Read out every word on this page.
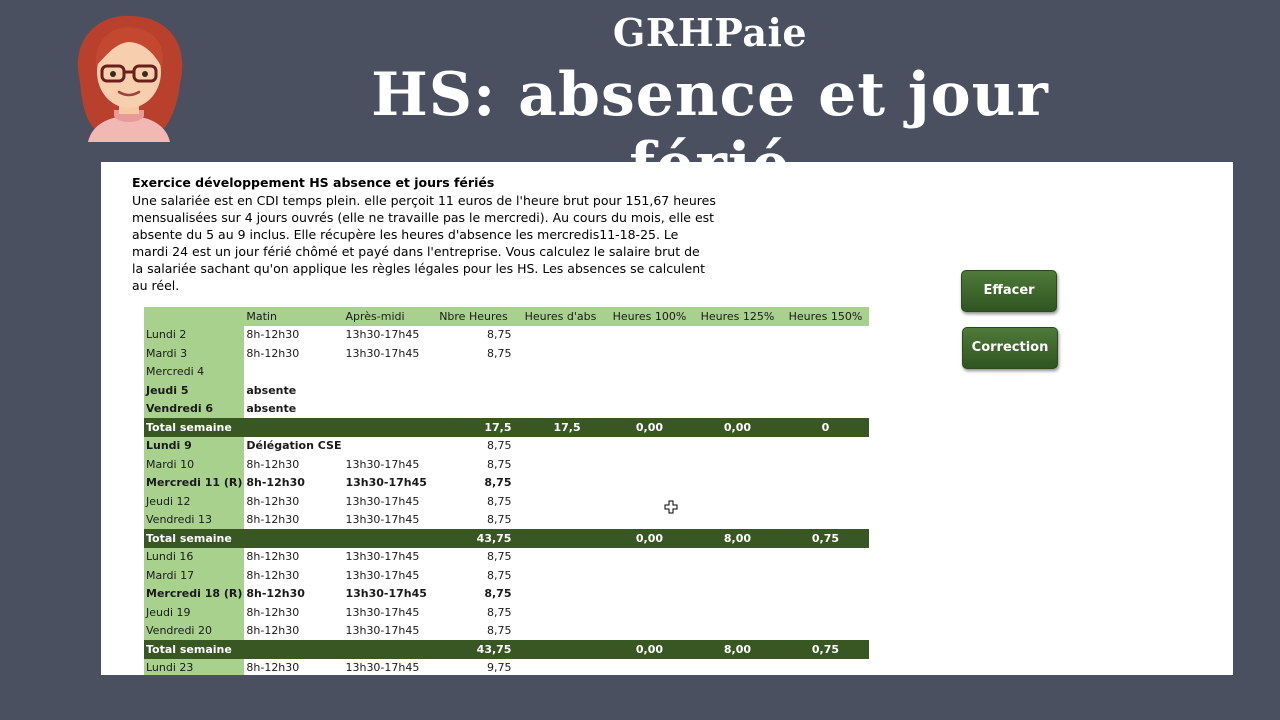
GRHPaie
HS: absence et jour
Exercice développement HS absence et jours fériés
Une salariée est en CDI temps plein. elle perçoit 11 euros de l'heure brut pour 151,67 heures
mensualisées sur 4 jours ouvrés (elle ne travaille pas le mercredi). Au cours du mois, elle est
absente du 5 au 9 inclus. Elle récupère les heures d'absence les mercredis11-18-25. Le
mardi 24 est un jour férié chômé et payé dans l'entreprise. Vous calculez le salaire brut de
la salariée sachant qu'on applique les règles légales pour les HS. Les absences se calculent
au réel.	Effacer
Correction
	Matin	Après-midi	Nbre Heures	Heures d'abs	Heures 100%	Heures 125%	Heures 150%
Lundi 2	8h-12h30	13h30-17h45	8,75				
Mardi 3	8h-12h30	13h30-17h45	8,75				
Mercredi 4							
Jeudi 5	absente						
Vendredi 6	absente						
Total semaine			17,5	17,5	0,00	0,00	0
Lundi 9	Délégation CSE		8,75				
Mardi 10	8h-12h30	13h30-17h45	8,75				
Mercredi 11 (R)	8h-12h30	13h30-17h45	8,75				
Jeudi 12	8h-12h30	13h30-17h45	8,75				
Vendredi 13	8h-12h30	13h30-17h45	8,75				
Total semaine			43,75		0,00	8,00	0,75
Lundi 16	8h-12h30	13h30-17h45	8,75				
Mardi 17	8h-12h30	13h30-17h45	8,75				
Mercredi 18 (R)	8h-12h30	13h30-17h45	8,75				
Jeudi 19	8h-12h30	13h30-17h45	8,75				
Vendredi 20	8h-12h30	13h30-17h45	8,75				
Total semaine			43,75		0,00	8,00	0,75
Lundi 23	8h-12h30	13h30-17h45	9,75				
